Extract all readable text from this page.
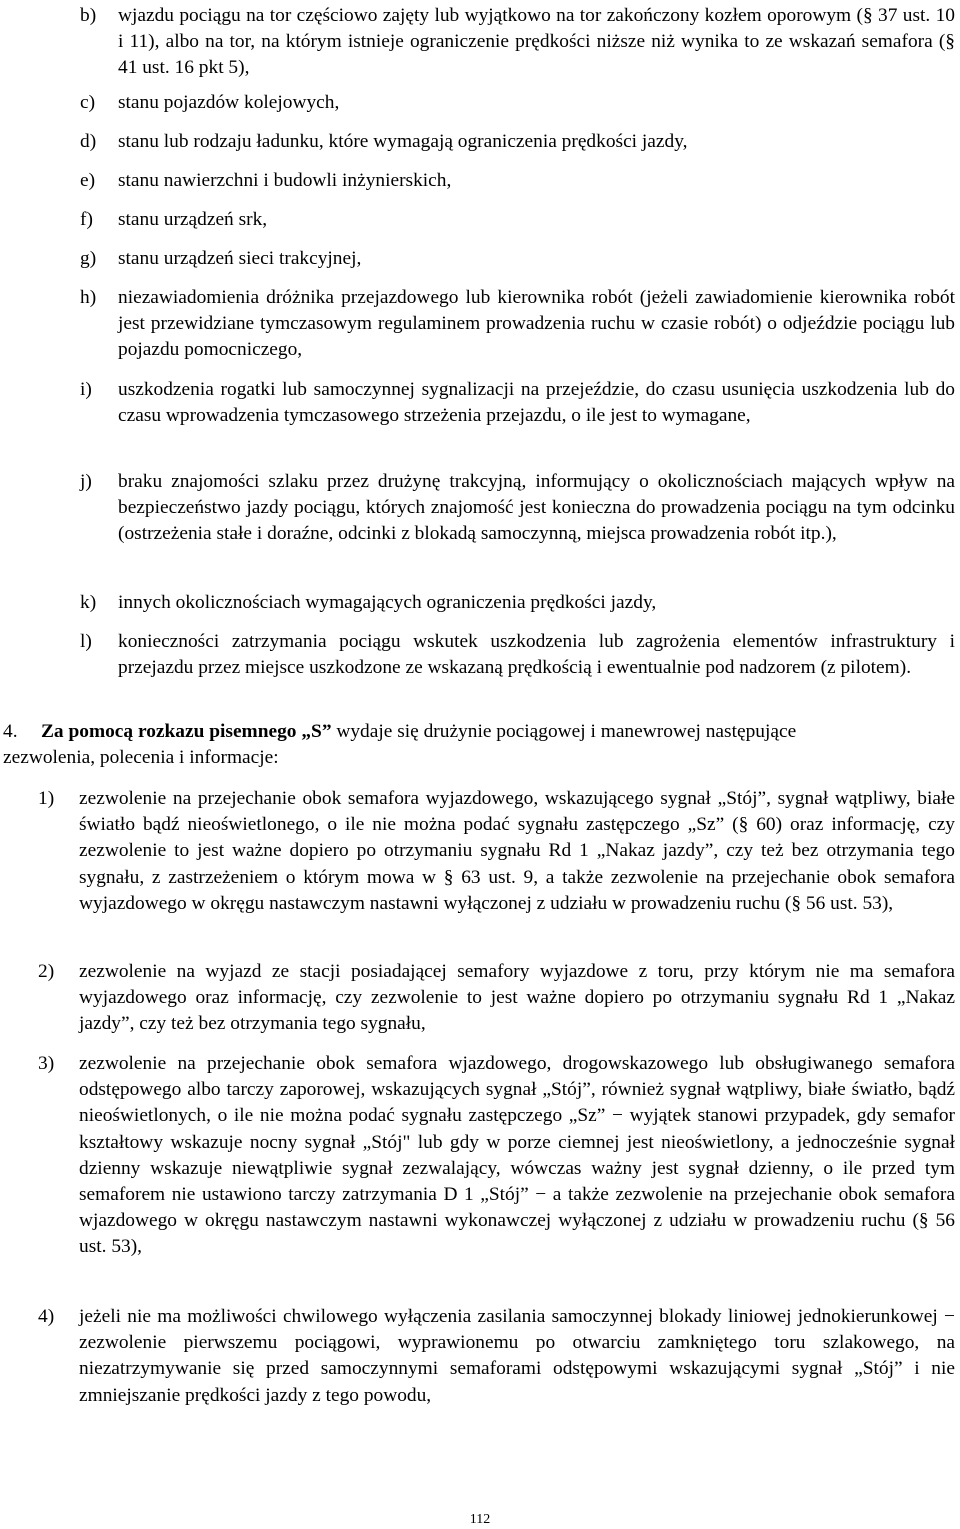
b)	wjazdu pociągu na tor częściowo zajęty lub wyjątkowo na tor zakończony kozłem oporowym (§ 37 ust. 10 i 11), albo na tor, na którym istnieje ograniczenie prędkości niższe niż wynika to ze wskazań semafora (§ 41 ust. 16 pkt 5),
c)	stanu pojazdów kolejowych,
d)	stanu lub rodzaju ładunku, które wymagają ograniczenia prędkości jazdy,
e)	stanu nawierzchni i budowli inżynierskich,
f)	stanu urządzeń srk,
g)	stanu urządzeń sieci trakcyjnej,
h)	niezawiadomienia dróżnika przejazdowego lub kierownika robót (jeżeli zawiadomienie kierownika robót jest przewidziane tymczasowym regulaminem prowadzenia ruchu w czasie robót) o odjeździe pociągu lub pojazdu pomocniczego,
i)	uszkodzenia rogatki lub samoczynnej sygnalizacji na przejeździe, do czasu usunięcia uszkodzenia lub do czasu wprowadzenia tymczasowego strzeżenia przejazdu, o ile jest to wymagane,
j)	braku znajomości szlaku przez drużynę trakcyjną, informujący o okolicznościach mających wpływ na bezpieczeństwo jazdy pociągu, których znajomość jest konieczna do prowadzenia pociągu na tym odcinku (ostrzeżenia stałe i doraźne, odcinki z blokadą samoczynną, miejsca prowadzenia robót itp.),
k)	innych okolicznościach wymagających ograniczenia prędkości jazdy,
l)	konieczności zatrzymania pociągu wskutek uszkodzenia lub zagrożenia elementów infrastruktury i przejazdu przez miejsce uszkodzone ze wskazaną prędkością i ewentualnie pod nadzorem (z pilotem).
4. Za pomocą rozkazu pisemnego „S” wydaje się drużynie pociągowej i manewrowej następujące
zezwolenia, polecenia i informacje:
1)	zezwolenie na przejechanie obok semafora wyjazdowego, wskazującego sygnał „Stój”, sygnał wątpliwy, białe światło bądź nieoświetlonego, o ile nie można podać sygnału zastępczego „Sz” (§ 60) oraz informację, czy zezwolenie to jest ważne dopiero po otrzymaniu sygnału Rd 1 „Nakaz jazdy”, czy też bez otrzymania tego sygnału, z zastrzeżeniem o którym mowa w § 63 ust. 9, a także zezwolenie na przejechanie obok semafora wyjazdowego w okręgu nastawczym nastawni wyłączonej z udziału w prowadzeniu ruchu (§ 56 ust. 53),
2)	zezwolenie na wyjazd ze stacji posiadającej semafory wyjazdowe z toru, przy którym nie ma semafora wyjazdowego oraz informację, czy zezwolenie to jest ważne dopiero po otrzymaniu sygnału Rd 1 „Nakaz jazdy”, czy też bez otrzymania tego sygnału,
3)	zezwolenie na przejechanie obok semafora wjazdowego, drogowskazowego lub obsługiwanego semafora odstępowego albo tarczy zaporowej, wskazujących sygnał „Stój”, również sygnał wątpliwy, białe światło, bądź nieoświetlonych, o ile nie można podać sygnału zastępczego „Sz” − wyjątek stanowi przypadek, gdy semafor kształtowy wskazuje nocny sygnał „Stój" lub gdy w porze ciemnej jest nieoświetlony, a jednocześnie sygnał dzienny wskazuje niewątpliwie sygnał zezwalający, wówczas ważny jest sygnał dzienny, o ile przed tym semaforem nie ustawiono tarczy zatrzymania D 1 „Stój” − a także zezwolenie na przejechanie obok semafora wjazdowego w okręgu nastawczym nastawni wykonawczej wyłączonej z udziału w prowadzeniu ruchu (§ 56 ust. 53),
4)	jeżeli nie ma możliwości chwilowego wyłączenia zasilania samoczynnej blokady liniowej jednokierunkowej − zezwolenie pierwszemu pociągowi, wyprawionemu po otwarciu zamkniętego toru szlakowego, na niezatrzymywanie się przed samoczynnymi semaforami odstępowymi wskazującymi sygnał „Stój” i nie zmniejszanie prędkości jazdy z tego powodu,
112
